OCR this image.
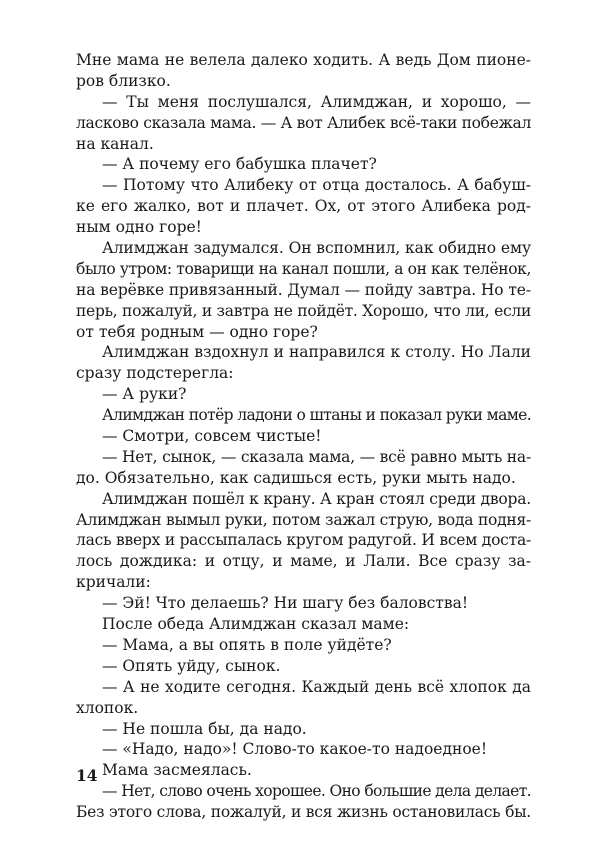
Мне мама не велела далеко ходить. А ведь Дом пионе-
ров близко.
— Ты меня послушался, Алимджан, и хорошо, —
ласково сказала мама. — А вот Алибек всё-таки побежал
на канал.
— А почему его бабушка плачет?
— Потому что Алибеку от отца досталось. А бабуш-
ке его жалко, вот и плачет. Ох, от этого Алибека род-
ным одно горе!
Алимджан задумался. Он вспомнил, как обидно ему
было утром: товарищи на канал пошли, а он как телёнок,
на верёвке привязанный. Думал — пойду завтра. Но те-
перь, пожалуй, и завтра не пойдёт. Хорошо, что ли, если
от тебя родным — одно горе?
Алимджан вздохнул и направился к столу. Но Лали
сразу подстерегла:
— А руки?
Алимджан потёр ладони о штаны и показал руки маме.
— Смотри, совсем чистые!
— Нет, сынок, — сказала мама, — всё равно мыть на-
до. Обязательно, как садишься есть, руки мыть надо.
Алимджан пошёл к крану. А кран стоял среди двора.
Алимджан вымыл руки, потом зажал струю, вода подня-
лась вверх и рассыпалась кругом радугой. И всем доста-
лось дождика: и отцу, и маме, и Лали. Все сразу за-
кричали:
— Эй! Что делаешь? Ни шагу без баловства!
После обеда Алимджан сказал маме:
— Мама, а вы опять в поле уйдёте?
— Опять уйду, сынок.
— А не ходите сегодня. Каждый день всё хлопок да
хлопок.
— Не пошла бы, да надо.
— «Надо, надо»! Слово-то какое-то надоедное!
Мама засмеялась.
— Нет, слово очень хорошее. Оно большие дела делает.
Без этого слова, пожалуй, и вся жизнь остановилась бы.
14
